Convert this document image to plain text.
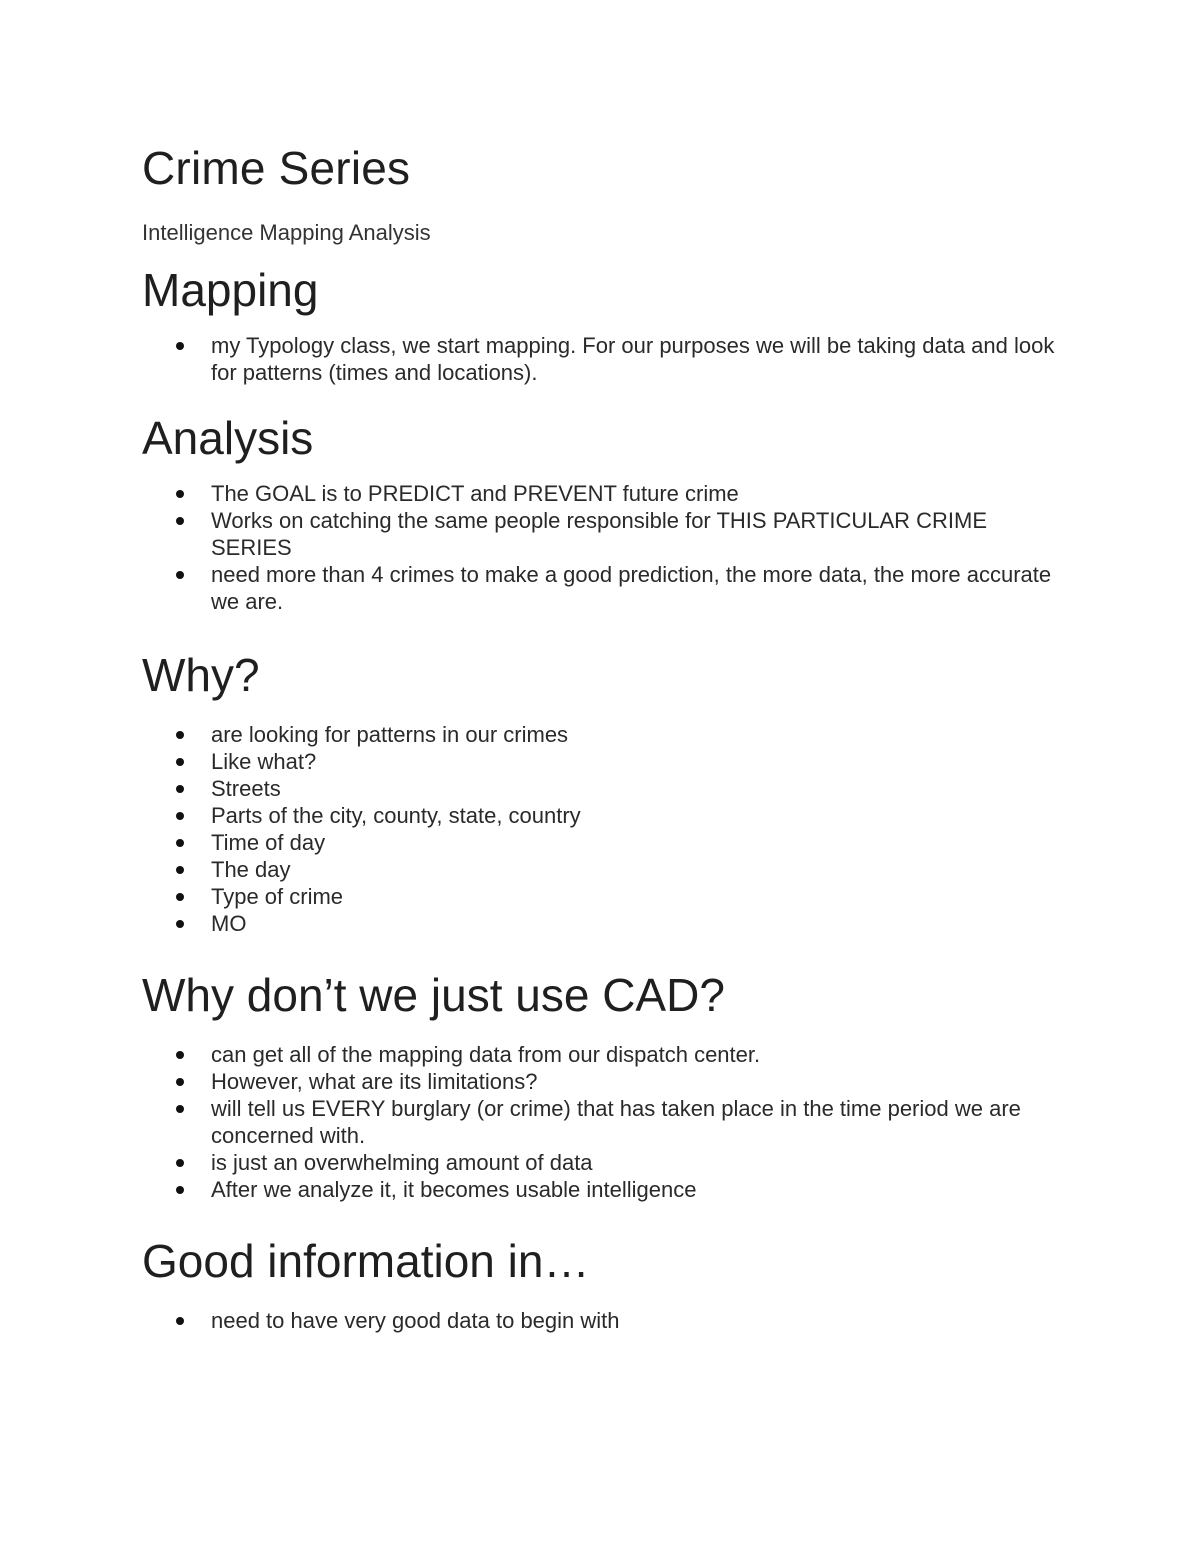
Crime Series

Intelligence Mapping Analysis

Mapping
my Typology class, we start mapping. For our purposes we will be taking data and look for patterns (times and locations).
Analysis
The GOAL is to PREDICT and PREVENT future crime
Works on catching the same people responsible for THIS PARTICULAR CRIME SERIES
need more than 4 crimes to make a good prediction, the more data, the more accurate we are.
Why?
are looking for patterns in our crimes
Like what?
Streets
Parts of the city, county, state, country
Time of day
The day
Type of crime
MO
Why don’t we just use CAD?
can get all of the mapping data from our dispatch center.
However, what are its limitations?
will tell us EVERY burglary (or crime) that has taken place in the time period we are concerned with.
is just an overwhelming amount of data
After we analyze it, it becomes usable intelligence
Good information in…
need to have very good data to begin with
